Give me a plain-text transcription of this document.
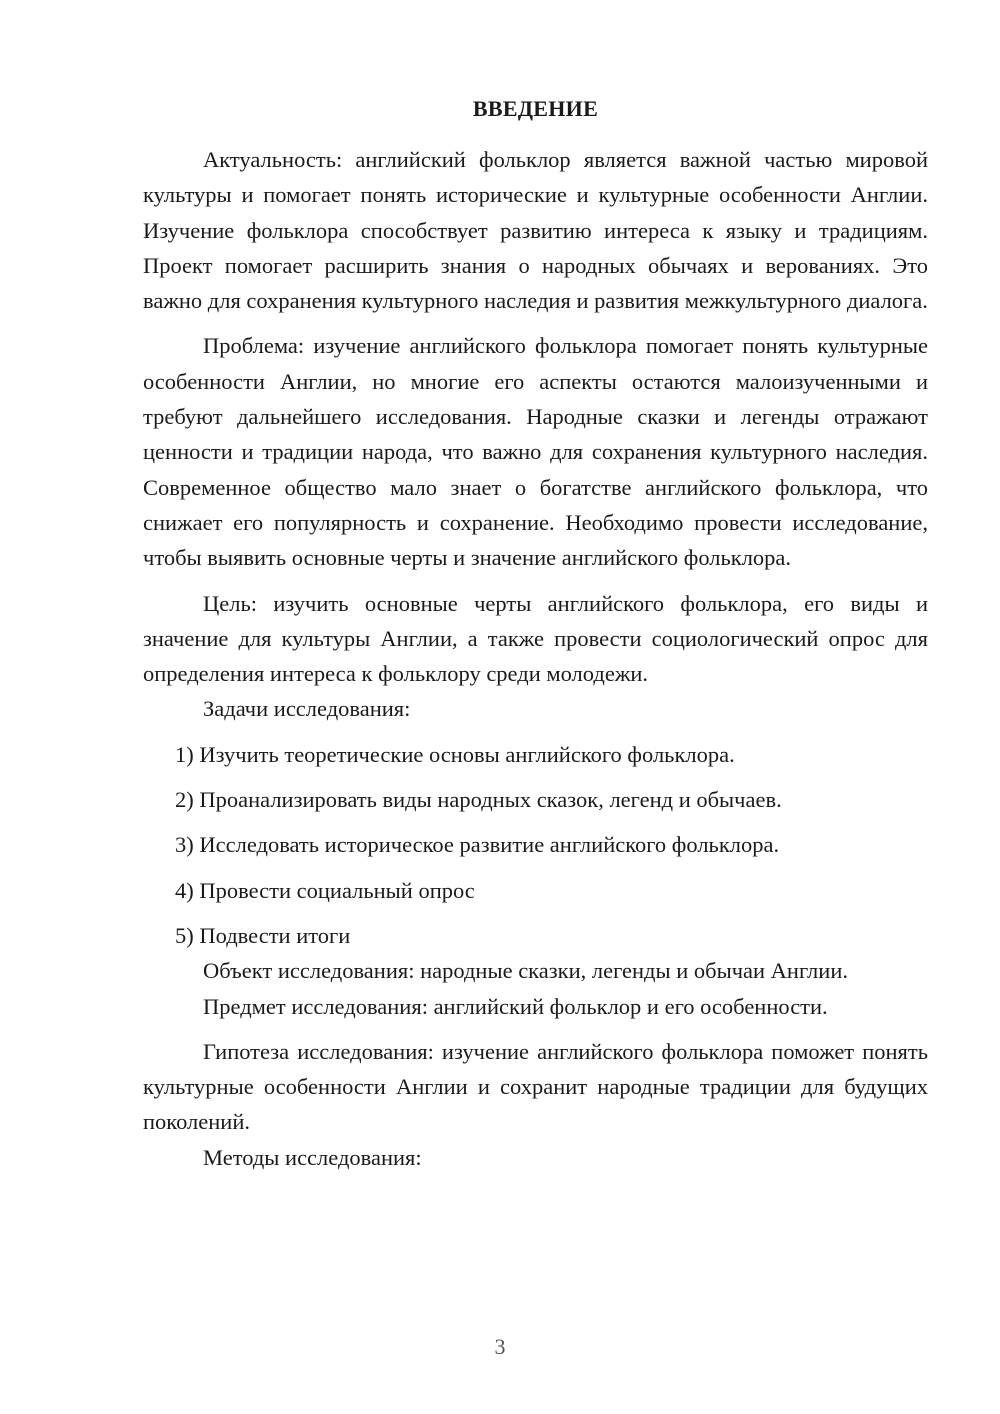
ВВЕДЕНИЕ

Актуальность: английский фольклор является важной частью мировой культуры и помогает понять исторические и культурные особенности Англии. Изучение фольклора способствует развитию интереса к языку и традициям. Проект помогает расширить знания о народных обычаях и верованиях. Это важно для сохранения культурного наследия и развития межкультурного диалога.

Проблема: изучение английского фольклора помогает понять культурные особенности Англии, но многие его аспекты остаются малоизученными и требуют дальнейшего исследования. Народные сказки и легенды отражают ценности и традиции народа, что важно для сохранения культурного наследия. Современное общество мало знает о богатстве английского фольклора, что снижает его популярность и сохранение. Необходимо провести исследование, чтобы выявить основные черты и значение английского фольклора.

Цель: изучить основные черты английского фольклора, его виды и значение для культуры Англии, а также провести социологический опрос для определения интереса к фольклору среди молодежи.

Задачи исследования:

1) Изучить теоретические основы английского фольклора.

2) Проанализировать виды народных сказок, легенд и обычаев.

3) Исследовать историческое развитие английского фольклора.

4) Провести социальный опрос

5) Подвести итоги

Объект исследования: народные сказки, легенды и обычаи Англии.

Предмет исследования: английский фольклор и его особенности.

Гипотеза исследования: изучение английского фольклора поможет понять культурные особенности Англии и сохранит народные традиции для будущих поколений.

Методы исследования:

3
